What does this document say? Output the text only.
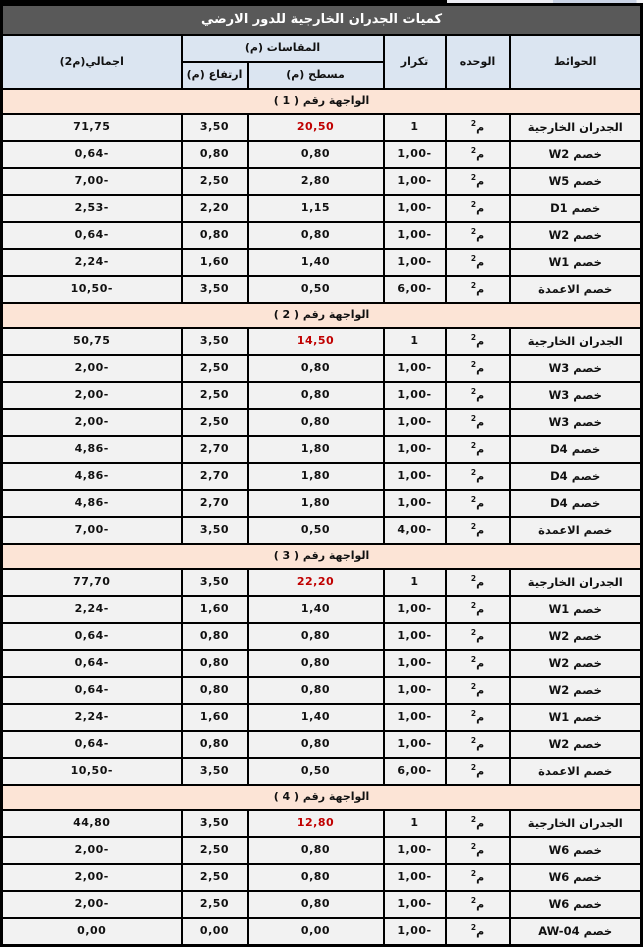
كميات الجدران الخارجية للدور الارضي					
الحوائط	الوحده	تكرار	المقاسات (م)		اجمالي(م2)
			مسطح (م)	ارتفاع (م)	
الواجهة رقم ( 1 )					
الجدران الخارجية	م$^2$	1	20,50	3,50	71,75
خصم W2	م$^2$	1,00-	0,80	0,80	0,64-
خصم W5	م$^2$	1,00-	2,80	2,50	7,00-
خصم D1	م$^2$	1,00-	1,15	2,20	2,53-
خصم W2	م$^2$	1,00-	0,80	0,80	0,64-
خصم W1	م$^2$	1,00-	1,40	1,60	2,24-
خصم الاعمدة	م$^2$	6,00-	0,50	3,50	10,50-
الواجهة رقم ( 2 )					
الجدران الخارجية	م$^2$	1	14,50	3,50	50,75
خصم W3	م$^2$	1,00-	0,80	2,50	2,00-
خصم W3	م$^2$	1,00-	0,80	2,50	2,00-
خصم W3	م$^2$	1,00-	0,80	2,50	2,00-
خصم D4	م$^2$	1,00-	1,80	2,70	4,86-
خصم D4	م$^2$	1,00-	1,80	2,70	4,86-
خصم D4	م$^2$	1,00-	1,80	2,70	4,86-
خصم الاعمدة	م$^2$	4,00-	0,50	3,50	7,00-
الواجهة رقم ( 3 )					
الجدران الخارجية	م$^2$	1	22,20	3,50	77,70
خصم W1	م$^2$	1,00-	1,40	1,60	2,24-
خصم W2	م$^2$	1,00-	0,80	0,80	0,64-
خصم W2	م$^2$	1,00-	0,80	0,80	0,64-
خصم W2	م$^2$	1,00-	0,80	0,80	0,64-
خصم W1	م$^2$	1,00-	1,40	1,60	2,24-
خصم W2	م$^2$	1,00-	0,80	0,80	0,64-
خصم الاعمدة	م$^2$	6,00-	0,50	3,50	10,50-
الواجهة رقم ( 4 )					
الجدران الخارجية	م$^2$	1	12,80	3,50	44,80
خصم W6	م$^2$	1,00-	0,80	2,50	2,00-
خصم W6	م$^2$	1,00-	0,80	2,50	2,00-
خصم W6	م$^2$	1,00-	0,80	2,50	2,00-
خصم AW-04	م$^2$	1,00-	0,00	0,00	0,00
